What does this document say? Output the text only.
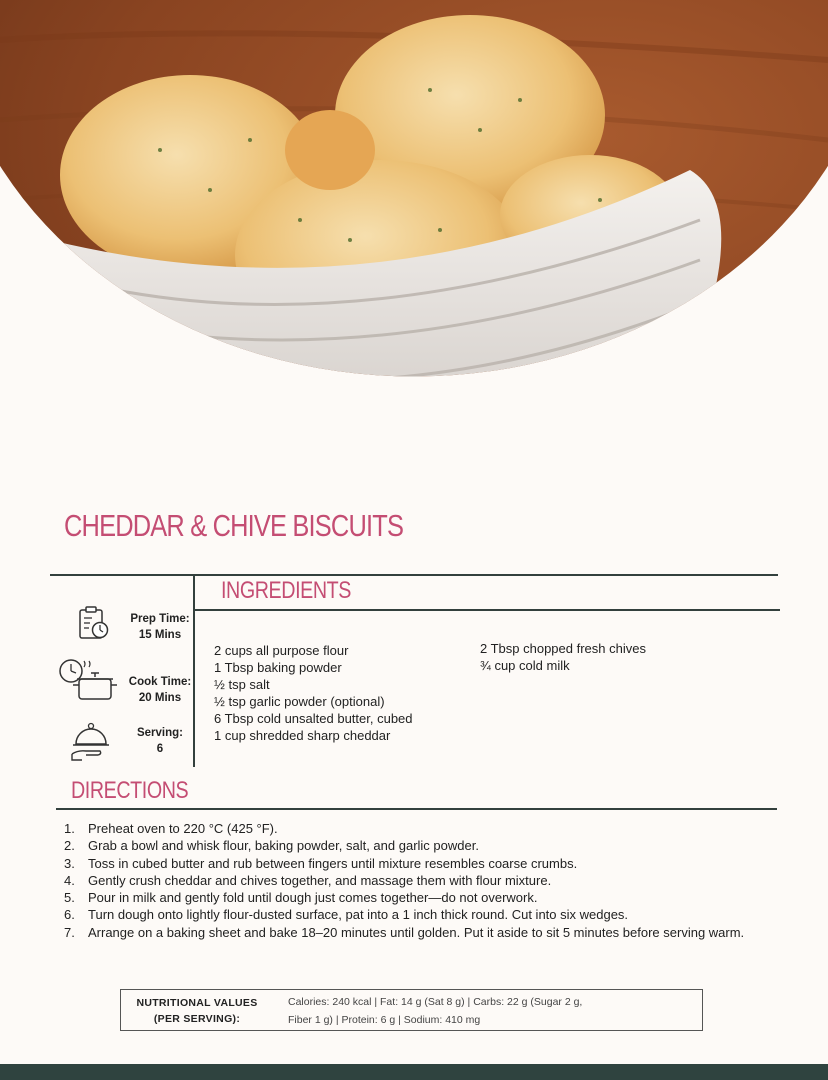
CHEDDAR & CHIVE BISCUITS
INGREDIENTS
DIRECTIONS
Prep Time:
15 Mins
Cook Time:
20 Mins
Serving:
6
2 cups all purpose flour
1 Tbsp baking powder
½ tsp salt
½ tsp garlic powder (optional)
6 Tbsp cold unsalted butter, cubed
1 cup shredded sharp cheddar
2 Tbsp chopped fresh chives
¾ cup cold milk
1.	Preheat oven to 220 °C (425 °F).
2.	Grab a bowl and whisk flour, baking powder, salt, and garlic powder.
3.	Toss in cubed butter and rub between fingers until mixture resembles coarse crumbs.
4.	Gently crush cheddar and chives together, and massage them with flour mixture.
5.	Pour in milk and gently fold until dough just comes together—do not overwork.
6.	Turn dough onto lightly flour-dusted surface, pat into a 1 inch thick round. Cut into six wedges.
7.	Arrange on a baking sheet and bake 18–20 minutes until golden. Put it aside to sit 5 minutes before serving warm.
NUTRITIONAL VALUES
(PER SERVING):
Calories: 240 kcal | Fat: 14 g (Sat 8 g) | Carbs: 22 g (Sugar 2 g,
Fiber 1 g) | Protein: 6 g | Sodium: 410 mg
